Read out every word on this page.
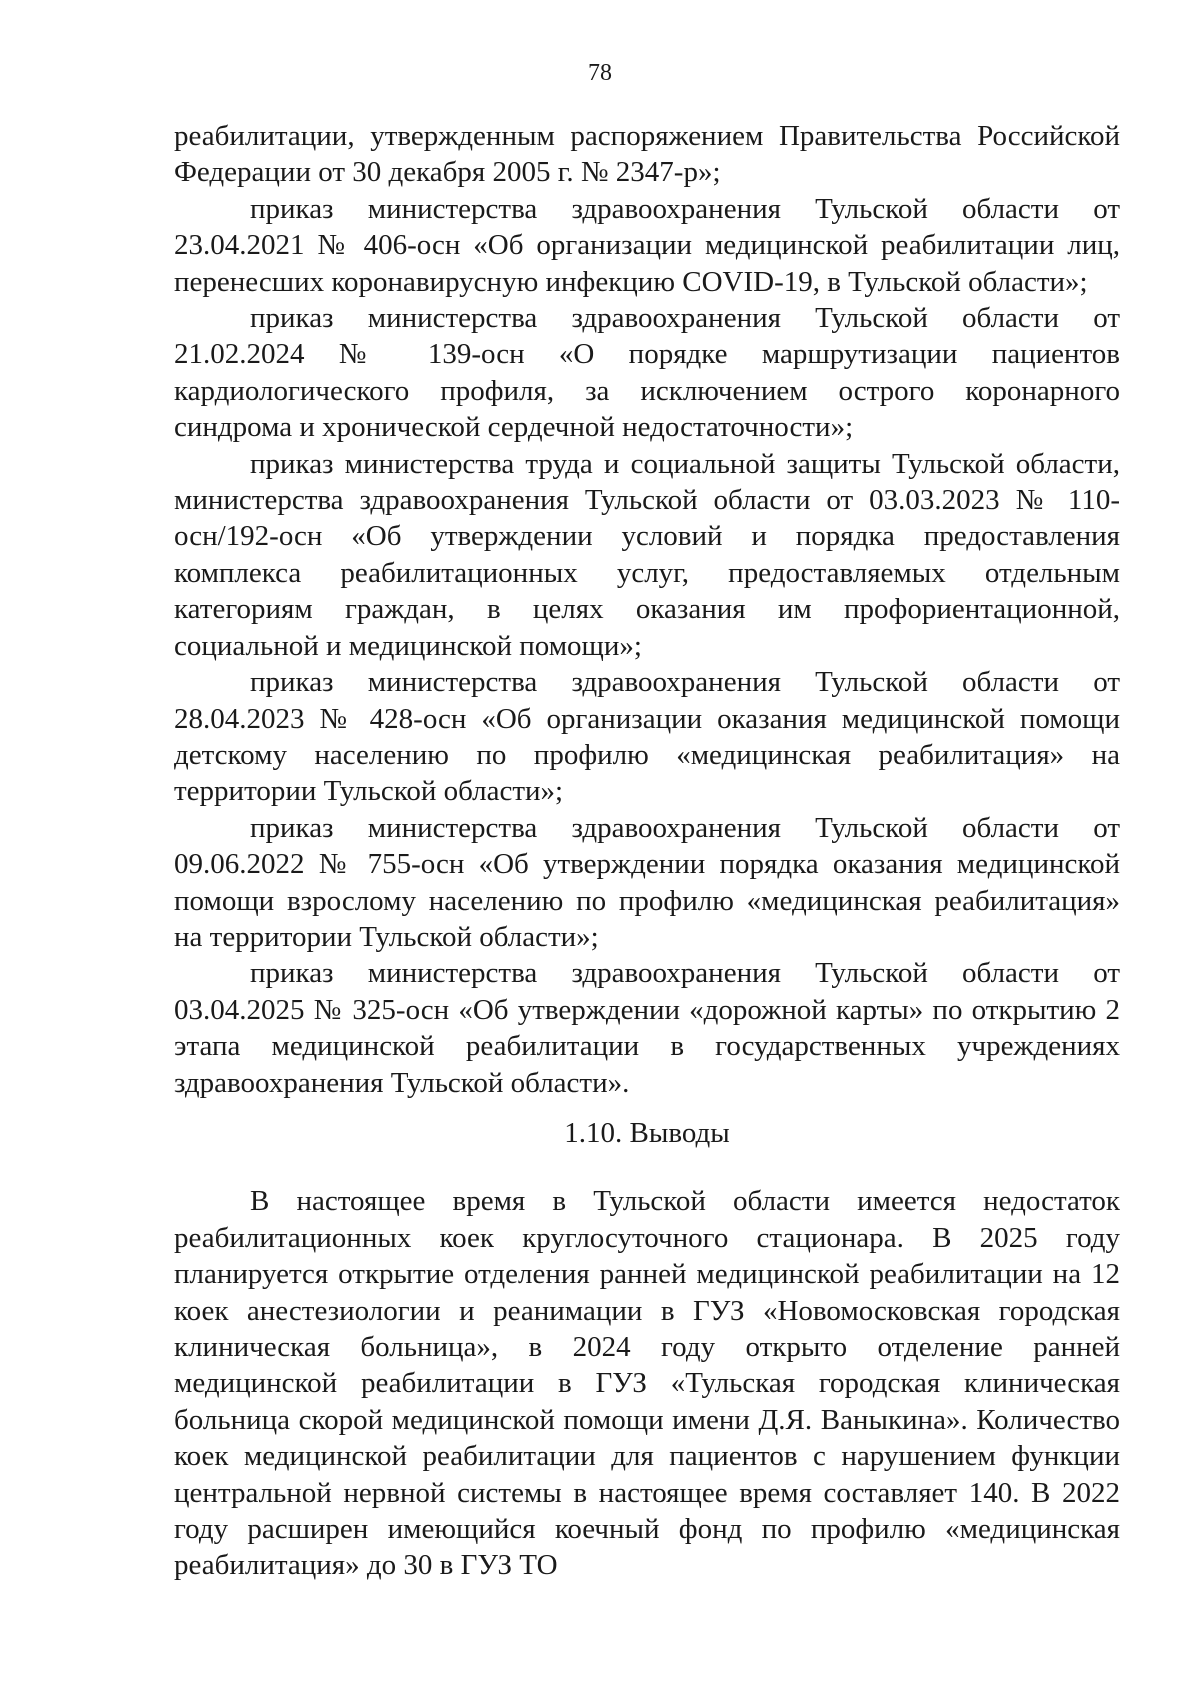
78

реабилитации, утвержденным распоряжением Правительства Российской Федерации от 30 декабря 2005 г. № 2347-р»;

приказ министерства здравоохранения Тульской области от 23.04.2021 № 406-осн «Об организации медицинской реабилитации лиц, перенесших коронавирусную инфекцию COVID-19, в Тульской области»;

приказ министерства здравоохранения Тульской области от 21.02.2024 № 139-осн «О порядке маршрутизации пациентов кардиологического профиля, за исключением острого коронарного синдрома и хронической сердечной недостаточности»;

приказ министерства труда и социальной защиты Тульской области, министерства здравоохранения Тульской области от 03.03.2023 № 110-осн/192-осн «Об утверждении условий и порядка предоставления комплекса реабилитационных услуг, предоставляемых отдельным категориям граждан, в целях оказания им профориентационной, социальной и медицинской помощи»;

приказ министерства здравоохранения Тульской области от 28.04.2023 № 428-осн «Об организации оказания медицинской помощи детскому населению по профилю «медицинская реабилитация» на территории Тульской области»;

приказ министерства здравоохранения Тульской области от 09.06.2022 № 755-осн «Об утверждении порядка оказания медицинской помощи взрослому населению по профилю «медицинская реабилитация» на территории Тульской области»;

приказ министерства здравоохранения Тульской области от 03.04.2025 № 325-осн «Об утверждении «дорожной карты» по открытию 2 этапа медицинской реабилитации в государственных учреждениях здравоохранения Тульской области».

1.10. Выводы

В настоящее время в Тульской области имеется недостаток реабилитационных коек круглосуточного стационара. В 2025 году планируется открытие отделения ранней медицинской реабилитации на 12 коек анестезиологии и реанимации в ГУЗ «Новомосковская городская клиническая больница», в 2024 году открыто отделение ранней медицинской реабилитации в ГУЗ «Тульская городская клиническая больница скорой медицинской помощи имени Д.Я. Ваныкина». Количество коек медицинской реабилитации для пациентов с нарушением функции центральной нервной системы в настоящее время составляет 140. В 2022 году расширен имеющийся коечный фонд по профилю «медицинская реабилитация» до 30 в ГУЗ ТО
